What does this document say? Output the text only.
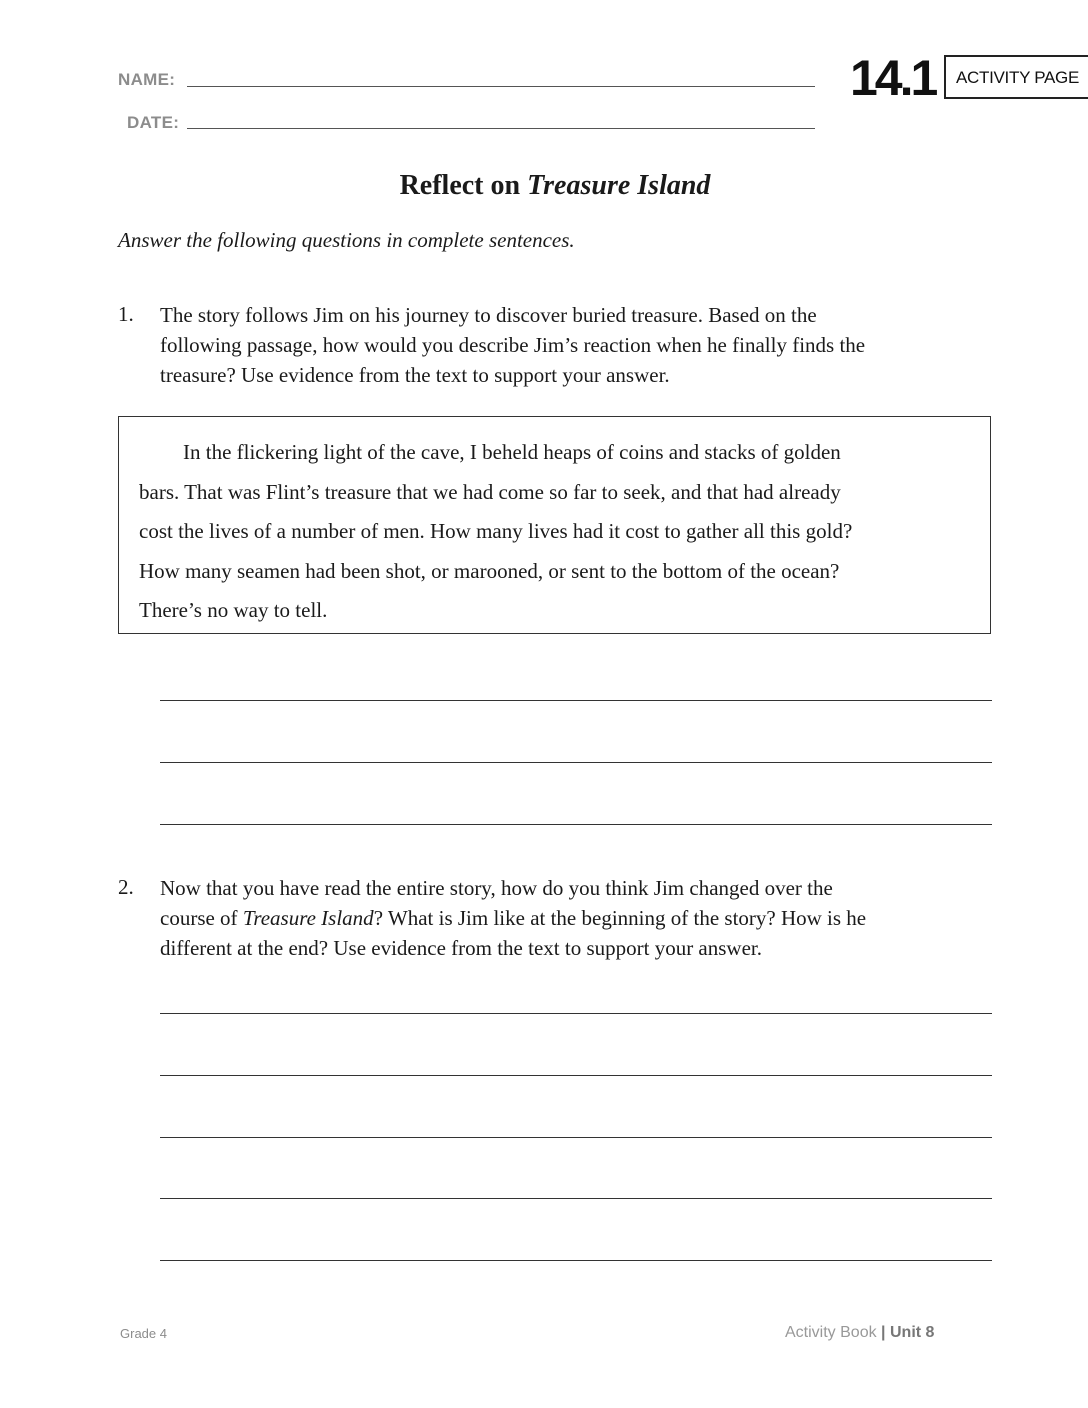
NAME:
DATE:
14.1 ACTIVITY PAGE
Reflect on Treasure Island
Answer the following questions in complete sentences.
1. The story follows Jim on his journey to discover buried treasure. Based on the
following passage, how would you describe Jim’s reaction when he finally finds the
treasure? Use evidence from the text to support your answer.

In the flickering light of the cave, I beheld heaps of coins and stacks of golden

bars. That was Flint’s treasure that we had come so far to seek, and that had already
cost the lives of a number of men. How many lives had it cost to gather all this gold?
How many seamen had been shot, or marooned, or sent to the bottom of the ocean?
There’s no way to tell.
2. Now that you have read the entire story, how do you think Jim changed over the
course of Treasure Island? What is Jim like at the beginning of the story? How is he
different at the end? Use evidence from the text to support your answer.
Grade 4	Activity Book | Unit 8
